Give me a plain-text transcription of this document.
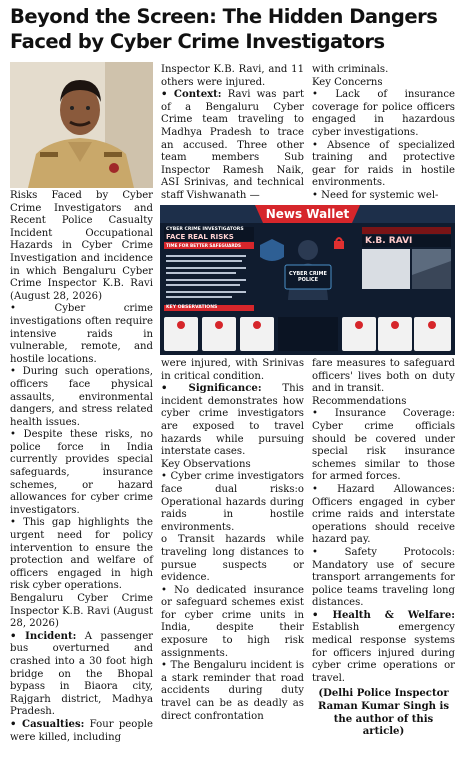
Beyond the Screen: The Hidden Dangers Faced by Cyber Crime Investigators

Risks Faced by Cyber Crime Investigators and Recent Police Casualty Incident Occupational Hazards in Cyber Crime Investigation and incidence in which Bengaluru Cyber Crime Inspector K.B. Ravi (August 28, 2026)

• Cyber crime investigations often require intensive raids in vulnerable, remote, and hostile locations.

• During such operations, officers face physical assaults, environmental dangers, and stress related health issues.

• Despite these risks, no police force in India currently provides special safeguards, insurance schemes, or hazard allowances for cyber crime investigators.

• This gap highlights the urgent need for policy intervention to ensure the protection and welfare of officers engaged in high risk cyber operations.

Bengaluru Cyber Crime Inspector K.B. Ravi (August 28, 2026)

• Incident: A passenger bus overturned and crashed into a 30 foot high bridge on the Bhopal bypass in Biaora city, Rajgarh district, Madhya Pradesh.

• Casualties: Four people were killed, including

Inspector K.B. Ravi, and 11 others were injured.

• Context: Ravi was part of a Bengaluru Cyber Crime team traveling to Madhya Pradesh to trace an accused. Three other team members Sub Inspector Ramesh Naik, ASI Srinivas, and technical staff Vishwanath —

with criminals.

Key Concerns

• Lack of insurance coverage for police officers engaged in hazardous cyber investigations.

• Absence of specialized training and protective gear for raids in hostile environments.

• Need for systemic wel-

News Wallet
CYBER CRIME INVESTIGATORS
FACE REAL RISKS
TIME FOR BETTER SAFEGUARDS
CYBER CRIME POLICE
K.B. RAVI
KEY OBSERVATIONS

were injured, with Srinivas in critical condition.

• Significance: This incident demonstrates how cyber crime investigators are exposed to travel hazards while pursuing interstate cases.

Key Observations

• Cyber crime investigators face dual risks:o Operational hazards during raids in hostile environments.

o Transit hazards while traveling long distances to pursue suspects or evidence.

• No dedicated insurance or safeguard schemes exist for cyber crime units in India, despite their exposure to high risk assignments.

• The Bengaluru incident is a stark reminder that road accidents during duty travel can be as deadly as direct confrontation

fare measures to safeguard officers' lives both on duty and in transit.

Recommendations

• Insurance Coverage: Cyber crime officials should be covered under special risk insurance schemes similar to those for armed forces.

• Hazard Allowances: Officers engaged in cyber crime raids and interstate operations should receive hazard pay.

• Safety Protocols: Mandatory use of secure transport arrangements for police teams traveling long distances.

• Health & Welfare: Establish emergency medical response systems for officers injured during cyber crime operations or travel.

(Delhi Police Inspector Raman Kumar Singh is the author of this article)
